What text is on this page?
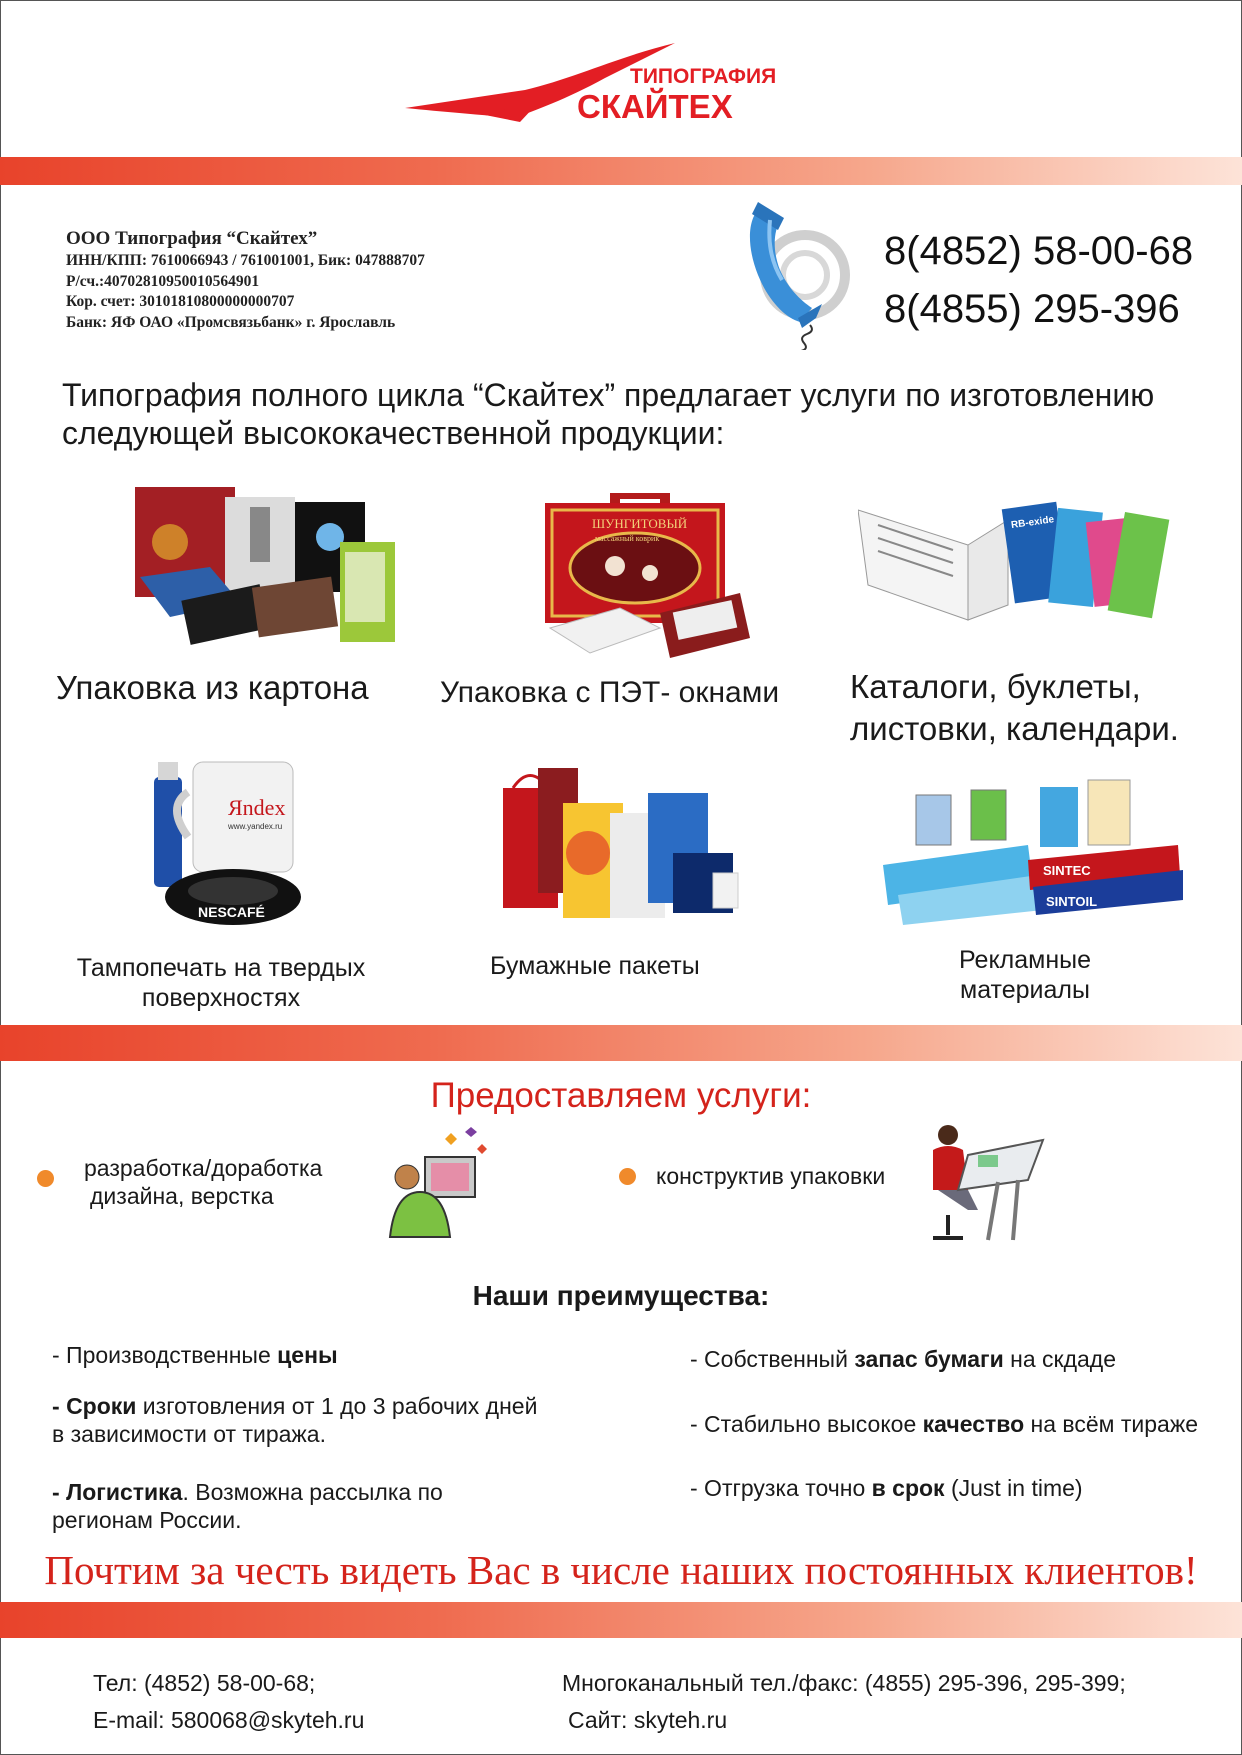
ТИПОГРАФИЯ
СКАЙТЕХ
ООО Типография “Скайтех”
ИНН/КПП: 7610066943 / 761001001, Бик: 047888707
Р/сч.:40702810950010564901
Кор. счет: 30101810800000000707
Банк: ЯФ ОАО «Промсвязьбанк» г. Ярославль
8(4852) 58-00-68
8(4855) 295-396
Типография полного цикла “Скайтех” предлагает услуги по изготовлению следующей высококачественной продукции:
Упаковка из картона
ШУНГИТОВЫЙ
массажный коврик
Упаковка с ПЭТ- окнами
RB-exide
Каталоги, буклеты,
листовки, календари.
Яndex
www.yandex.ru
NESCAFÉ
Тампопечать на твердых
поверхностях
Бумажные пакеты
SINTEC
SINTOIL
Рекламные
материалы
Предоставляем услуги:
разработка/доработка
дизайна, верстка
конструктив упаковки
Наши преимущества:
- Производственные цены
- Сроки изготовления от 1 до 3 рабочих дней
в зависимости от тиража.
- Логистика. Возможна рассылка по
регионам России.
- Собственный запас бумаги на скдаде
- Стабильно высокое качество на всём тираже
- Отгрузка точно в срок (Just in time)
Почтим за честь видеть Вас в числе наших постоянных клиентов!
Тел: (4852) 58-00-68;
E-mail: 580068@skyteh.ru
Многоканальный тел./факс: (4855) 295-396, 295-399;
Сайт: skyteh.ru
